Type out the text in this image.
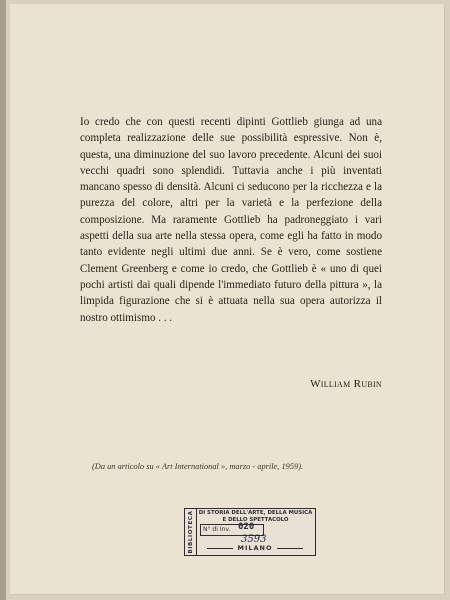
Io credo che con questi recenti dipinti Gottlieb giunga ad una completa realizzazione delle sue possibilità espressive. Non è, questa, una diminuzione del suo lavoro precedente. Alcuni dei suoi vecchi quadri sono splendidi. Tuttavia anche i più inventati mancano spesso di densità. Alcuni ci seducono per la ricchezza e la purezza del colore, altri per la varietà e la perfezione della composizione. Ma raramente Gottlieb ha padroneggiato i vari aspetti della sua arte nella stessa opera, come egli ha fatto in modo tanto evidente negli ultimi due anni. Se è vero, come sostiene Clement Greenberg e come io credo, che Gottlieb è « uno di quei pochi artisti dai quali dipende l'immediato futuro della pittura », la limpida figurazione che si è attuata nella sua opera autorizza il nostro ottimismo . . .

William Rubin
(Da un articolo su « Art International », marzo - aprile, 1959).
BIBLIOTECA DI STORIA DELL'ARTE, DELLA MUSICA
E DELLO SPETTACOLO
N° di Inv. 020
3593
MILANO
